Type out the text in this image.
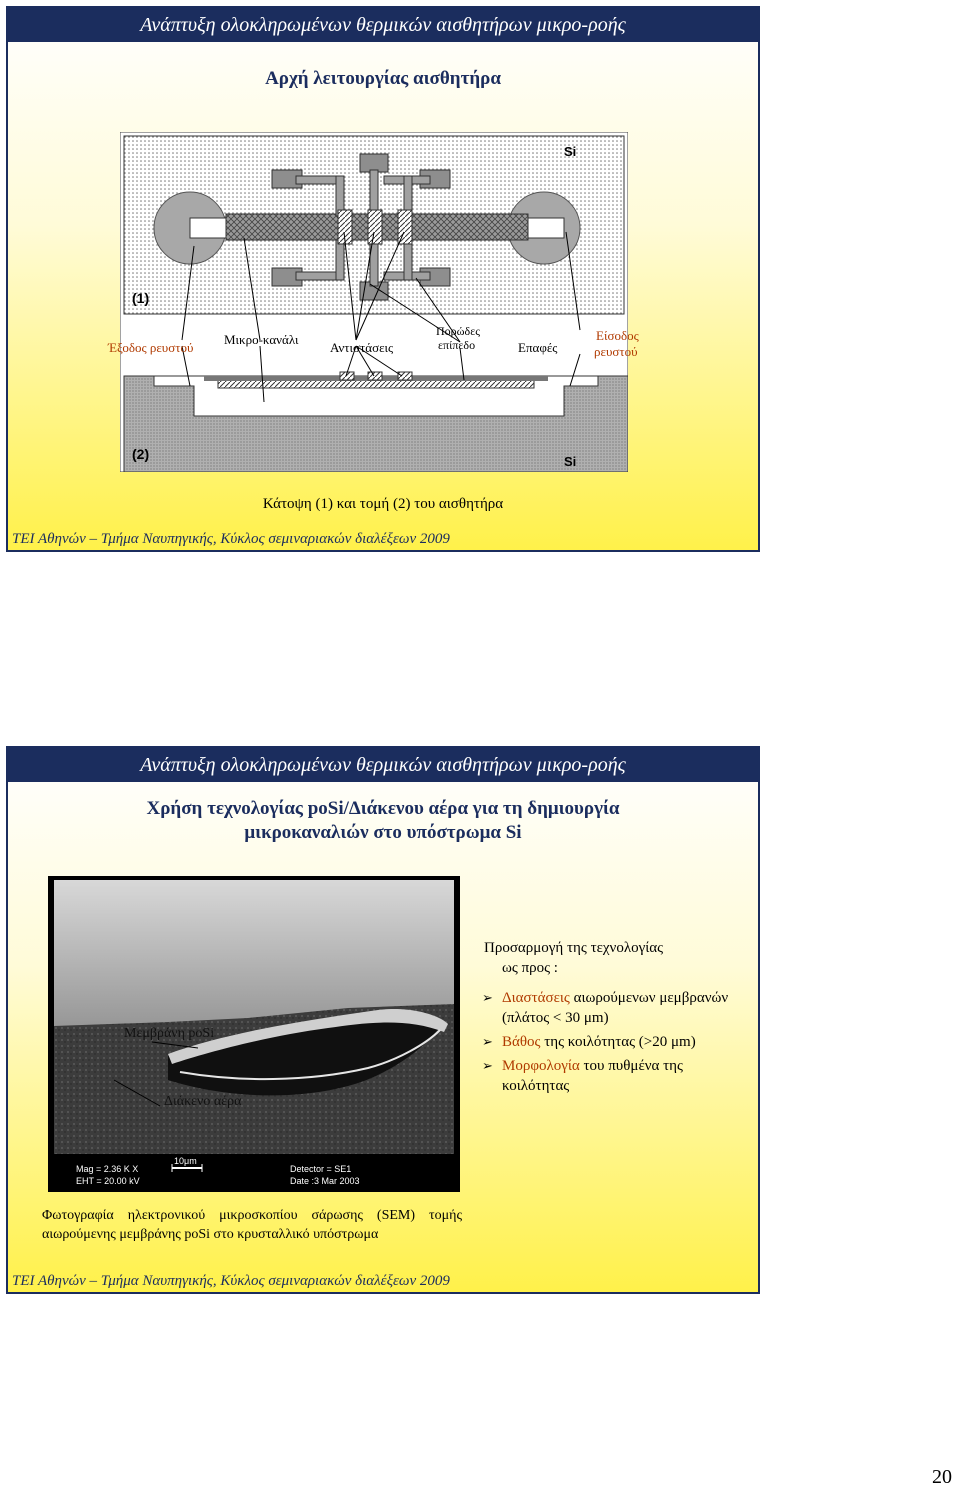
Ανάπτυξη ολοκληρωμένων θερμικών αισθητήρων μικρο-ροής
Αρχή λειτουργίας αισθητήρα
Si
Si
(1)
(2)
Έξοδος ρευστού
Μικρο-κανάλι
Αντιστάσεις
Πορώδες
επίπεδο	Επαφές
Είσοδος
ρευστού
Κάτοψη (1) και τομή (2) του αισθητήρα
ΤΕΙ Αθηνών – Τμήμα Ναυπηγικής, Κύκλος σεμιναριακών διαλέξεων 2009
Ανάπτυξη ολοκληρωμένων θερμικών αισθητήρων μικρο-ροής
Χρήση τεχνολογίας poSi/Διάκενου αέρα για τη δημιουργία
μικροκαναλιών στο υπόστρωμα Si
Μεμβράνη poSi
Διάκενο αέρα
10μm
Mag = 2.36 K X
EHT = 20.00 kV
Detector = SE1
Date :3 Mar 2003
Προσαρμογή της τεχνολογίας
ως προς :
➢ Διαστάσεις αιωρούμενων μεμβρανών (πλάτος < 30 μm)
➢ Βάθος της κοιλότητας (>20 μm)
➢ Μορφολογία του πυθμένα της κοιλότητας
Φωτογραφία ηλεκτρονικού μικροσκοπίου σάρωσης (SEM) τομής αιωρούμενης μεμβράνης poSi στο κρυσταλλικό υπόστρωμα
ΤΕΙ Αθηνών – Τμήμα Ναυπηγικής, Κύκλος σεμιναριακών διαλέξεων 2009
20
